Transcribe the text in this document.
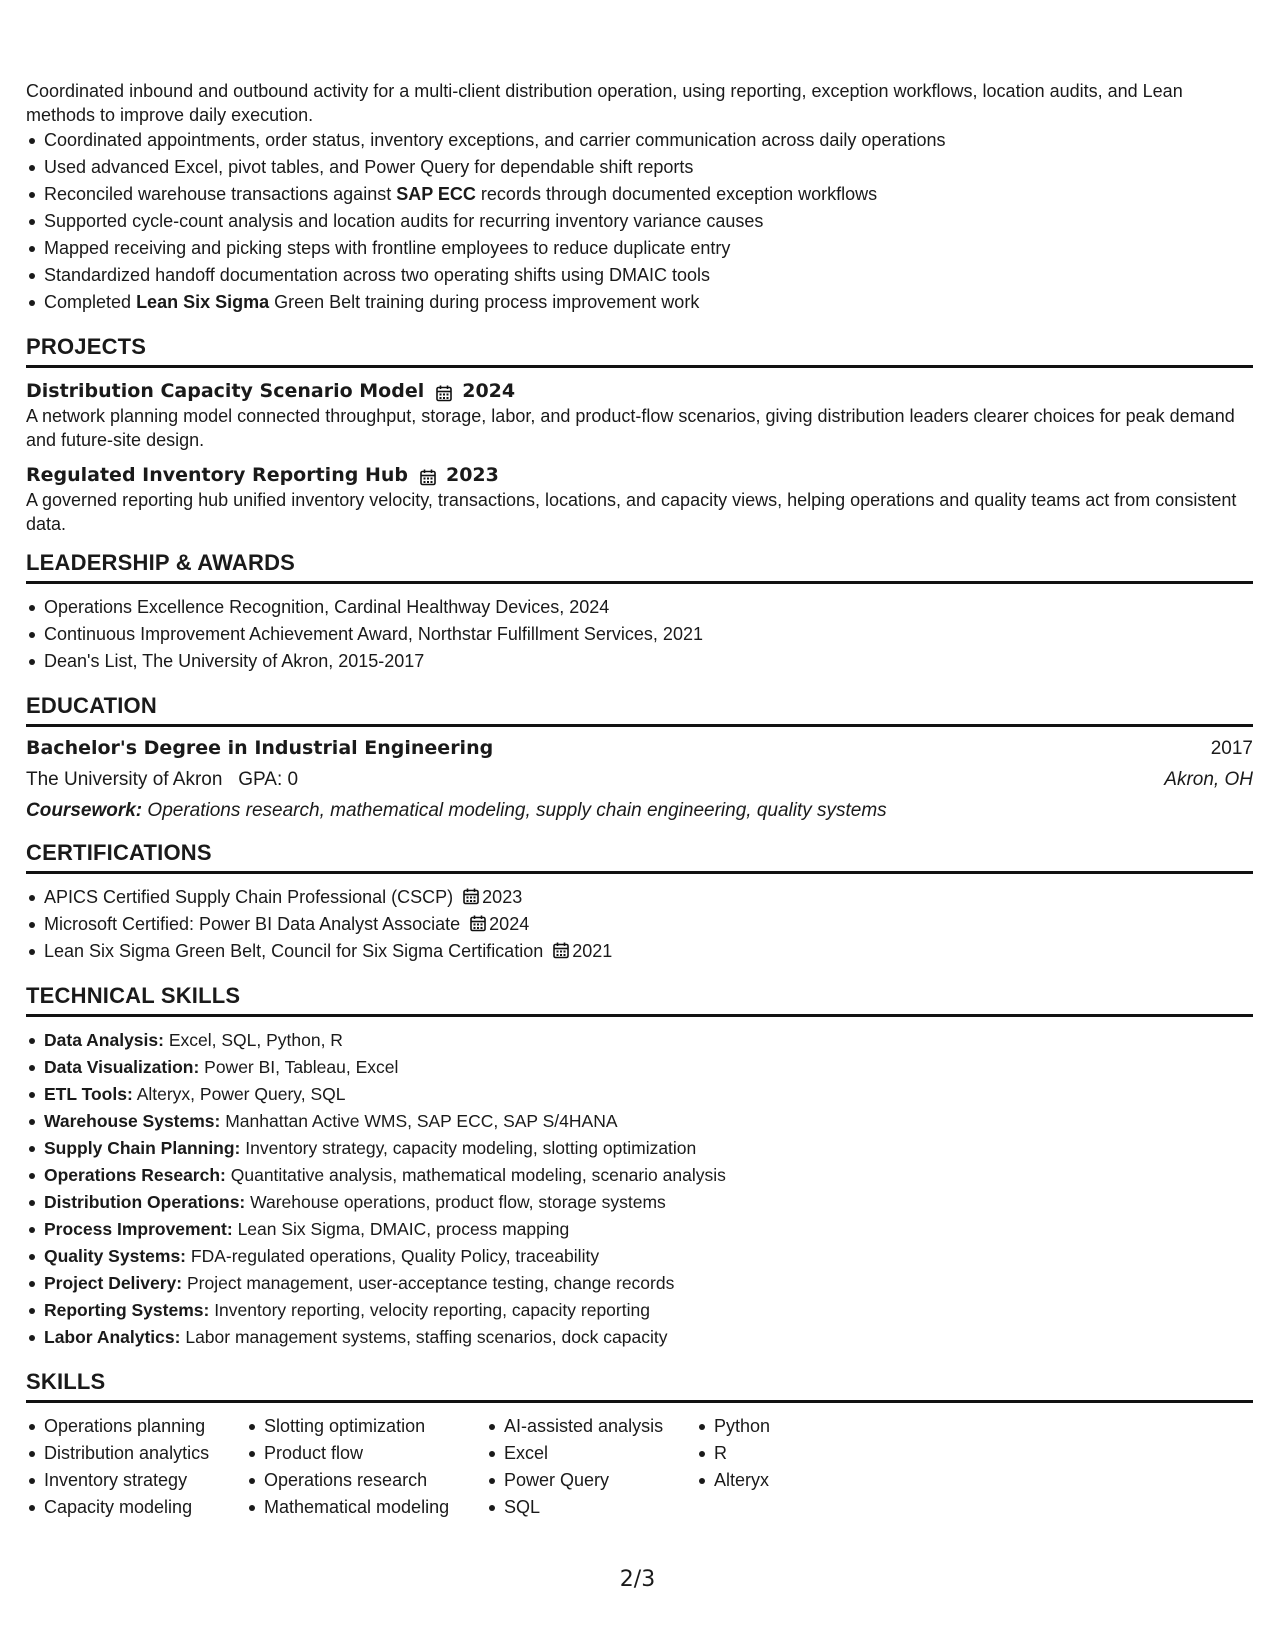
Coordinated inbound and outbound activity for a multi-client distribution operation, using reporting, exception workflows, location audits, and Lean methods to improve daily execution.
Coordinated appointments, order status, inventory exceptions, and carrier communication across daily operations
Used advanced Excel, pivot tables, and Power Query for dependable shift reports
Reconciled warehouse transactions against SAP ECC records through documented exception workflows
Supported cycle-count analysis and location audits for recurring inventory variance causes
Mapped receiving and picking steps with frontline employees to reduce duplicate entry
Standardized handoff documentation across two operating shifts using DMAIC tools
Completed Lean Six Sigma Green Belt training during process improvement work
PROJECTS
Distribution Capacity Scenario Model 2024
A network planning model connected throughput, storage, labor, and product-flow scenarios, giving distribution leaders clearer choices for peak demand and future-site design.
Regulated Inventory Reporting Hub 2023
A governed reporting hub unified inventory velocity, transactions, locations, and capacity views, helping operations and quality teams act from consistent data.
LEADERSHIP & AWARDS
Operations Excellence Recognition, Cardinal Healthway Devices, 2024
Continuous Improvement Achievement Award, Northstar Fulfillment Services, 2021
Dean's List, The University of Akron, 2015-2017
EDUCATION
Bachelor's Degree in Industrial Engineering	2017
The University of Akron GPA: 0	Akron, OH
Coursework: Operations research, mathematical modeling, supply chain engineering, quality systems
CERTIFICATIONS
APICS Certified Supply Chain Professional (CSCP) 2023
Microsoft Certified: Power BI Data Analyst Associate 2024
Lean Six Sigma Green Belt, Council for Six Sigma Certification 2021
TECHNICAL SKILLS
Data Analysis: Excel, SQL, Python, R
Data Visualization: Power BI, Tableau, Excel
ETL Tools: Alteryx, Power Query, SQL
Warehouse Systems: Manhattan Active WMS, SAP ECC, SAP S/4HANA
Supply Chain Planning: Inventory strategy, capacity modeling, slotting optimization
Operations Research: Quantitative analysis, mathematical modeling, scenario analysis
Distribution Operations: Warehouse operations, product flow, storage systems
Process Improvement: Lean Six Sigma, DMAIC, process mapping
Quality Systems: FDA-regulated operations, Quality Policy, traceability
Project Delivery: Project management, user-acceptance testing, change records
Reporting Systems: Inventory reporting, velocity reporting, capacity reporting
Labor Analytics: Labor management systems, staffing scenarios, dock capacity
SKILLS
Operations planning
Distribution analytics
Inventory strategy
Capacity modeling
Slotting optimization
Product flow
Operations research
Mathematical modeling
AI-assisted analysis
Excel
Power Query
SQL
Python
R
Alteryx
2/3
